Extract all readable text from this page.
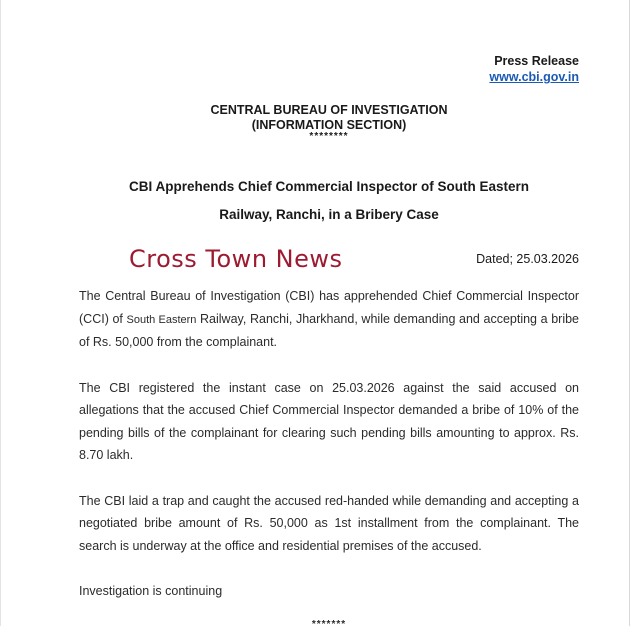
Press Release
www.cbi.gov.in
CENTRAL BUREAU OF INVESTIGATION
(INFORMATION SECTION)
********
CBI Apprehends Chief Commercial Inspector of South Eastern
Railway, Ranchi, in a Bribery Case
Cross Town News	Dated; 25.03.2026

The Central Bureau of Investigation (CBI) has apprehended Chief Commercial Inspector (CCI) of South Eastern Railway, Ranchi, Jharkhand, while demanding and accepting a bribe of Rs. 50,000 from the complainant.

The CBI registered the instant case on 25.03.2026 against the said accused on allegations that the accused Chief Commercial Inspector demanded a bribe of 10% of the pending bills of the complainant for clearing such pending bills amounting to approx. Rs. 8.70 lakh.

The CBI laid a trap and caught the accused red-handed while demanding and accepting a negotiated bribe amount of Rs. 50,000 as 1st installment from the complainant. The search is underway at the office and residential premises of the accused.

Investigation is continuing

*******
